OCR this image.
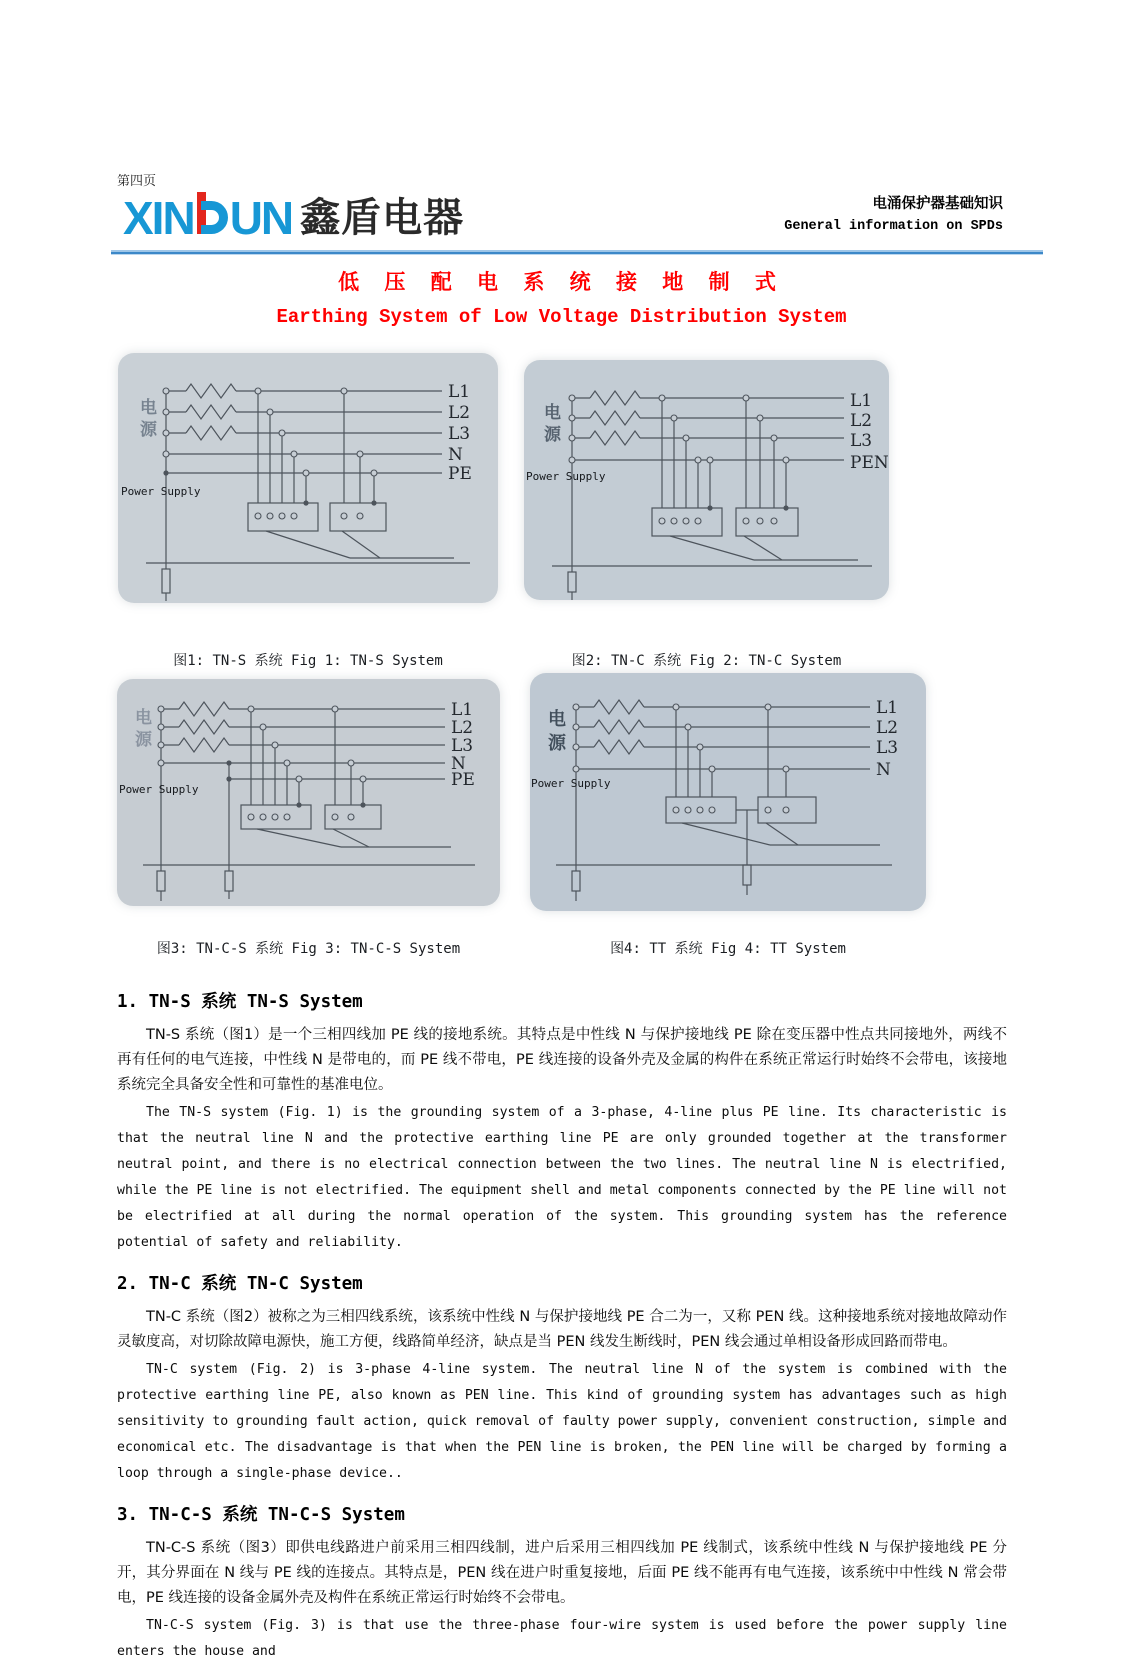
第四页
XIN UN 鑫盾电器	电涌保护器基础知识
General information on SPDs
低 压 配 电 系 统 接 地 制 式
Earthing System of Low Voltage Distribution System
L1
L2
L3
N
PE
电
源
Power Supply
L1
L2
L3
PEN
电
源
Power Supply
图1: TN-S 系统 Fig 1: TN-S System	图2: TN-C 系统 Fig 2: TN-C System
L1
L2
L3
N
PE
电
源
Power Supply
L1
L2
L3
N
电
源
Power Supply
图3: TN-C-S 系统 Fig 3: TN-C-S System	图4: TT 系统 Fig 4: TT System
1. TN-S 系统 TN-S System

TN-S 系统（图1）是一个三相四线加 PE 线的接地系统。其特点是中性线 N 与保护接地线 PE 除在变压器中性点共同接地外，两线不再有任何的电气连接，中性线 N 是带电的，而 PE 线不带电，PE 线连接的设备外壳及金属的构件在系统正常运行时始终不会带电，该接地系统完全具备安全性和可靠性的基准电位。

The TN-S system (Fig. 1) is the grounding system of a 3-phase, 4-line plus PE line. Its characteristic is that the neutral line N and the protective earthing line PE are only grounded together at the transformer neutral point, and there is no electrical connection between the two lines. The neutral line N is electrified, while the PE line is not electrified. The equipment shell and metal components connected by the PE line will not be electrified at all during the normal operation of the system. This grounding system has the reference potential of safety and reliability.

2. TN-C 系统 TN-C System

TN-C 系统（图2）被称之为三相四线系统，该系统中性线 N 与保护接地线 PE 合二为一，又称 PEN 线。这种接地系统对接地故障动作灵敏度高，对切除故障电源快，施工方便，线路简单经济，缺点是当 PEN 线发生断线时，PEN 线会通过单相设备形成回路而带电。

TN-C system (Fig. 2) is 3-phase 4-line system. The neutral line N of the system is combined with the protective earthing line PE, also known as PEN line. This kind of grounding system has advantages such as high sensitivity to grounding fault action, quick removal of faulty power supply, convenient construction, simple and economical etc. The disadvantage is that when the PEN line is broken, the PEN line will be charged by forming a loop through a single-phase device..

3. TN-C-S 系统 TN-C-S System

TN-C-S 系统（图3）即供电线路进户前采用三相四线制，进户后采用三相四线加 PE 线制式，该系统中性线 N 与保护接地线 PE 分开，其分界面在 N 线与 PE 线的连接点。其特点是，PEN 线在进户时重复接地，后面 PE 线不能再有电气连接，该系统中中性线 N 常会带电，PE 线连接的设备金属外壳及构件在系统正常运行时始终不会带电。

TN-C-S system (Fig. 3) is that use the three-phase four-wire system is used before the power supply line enters the house and
